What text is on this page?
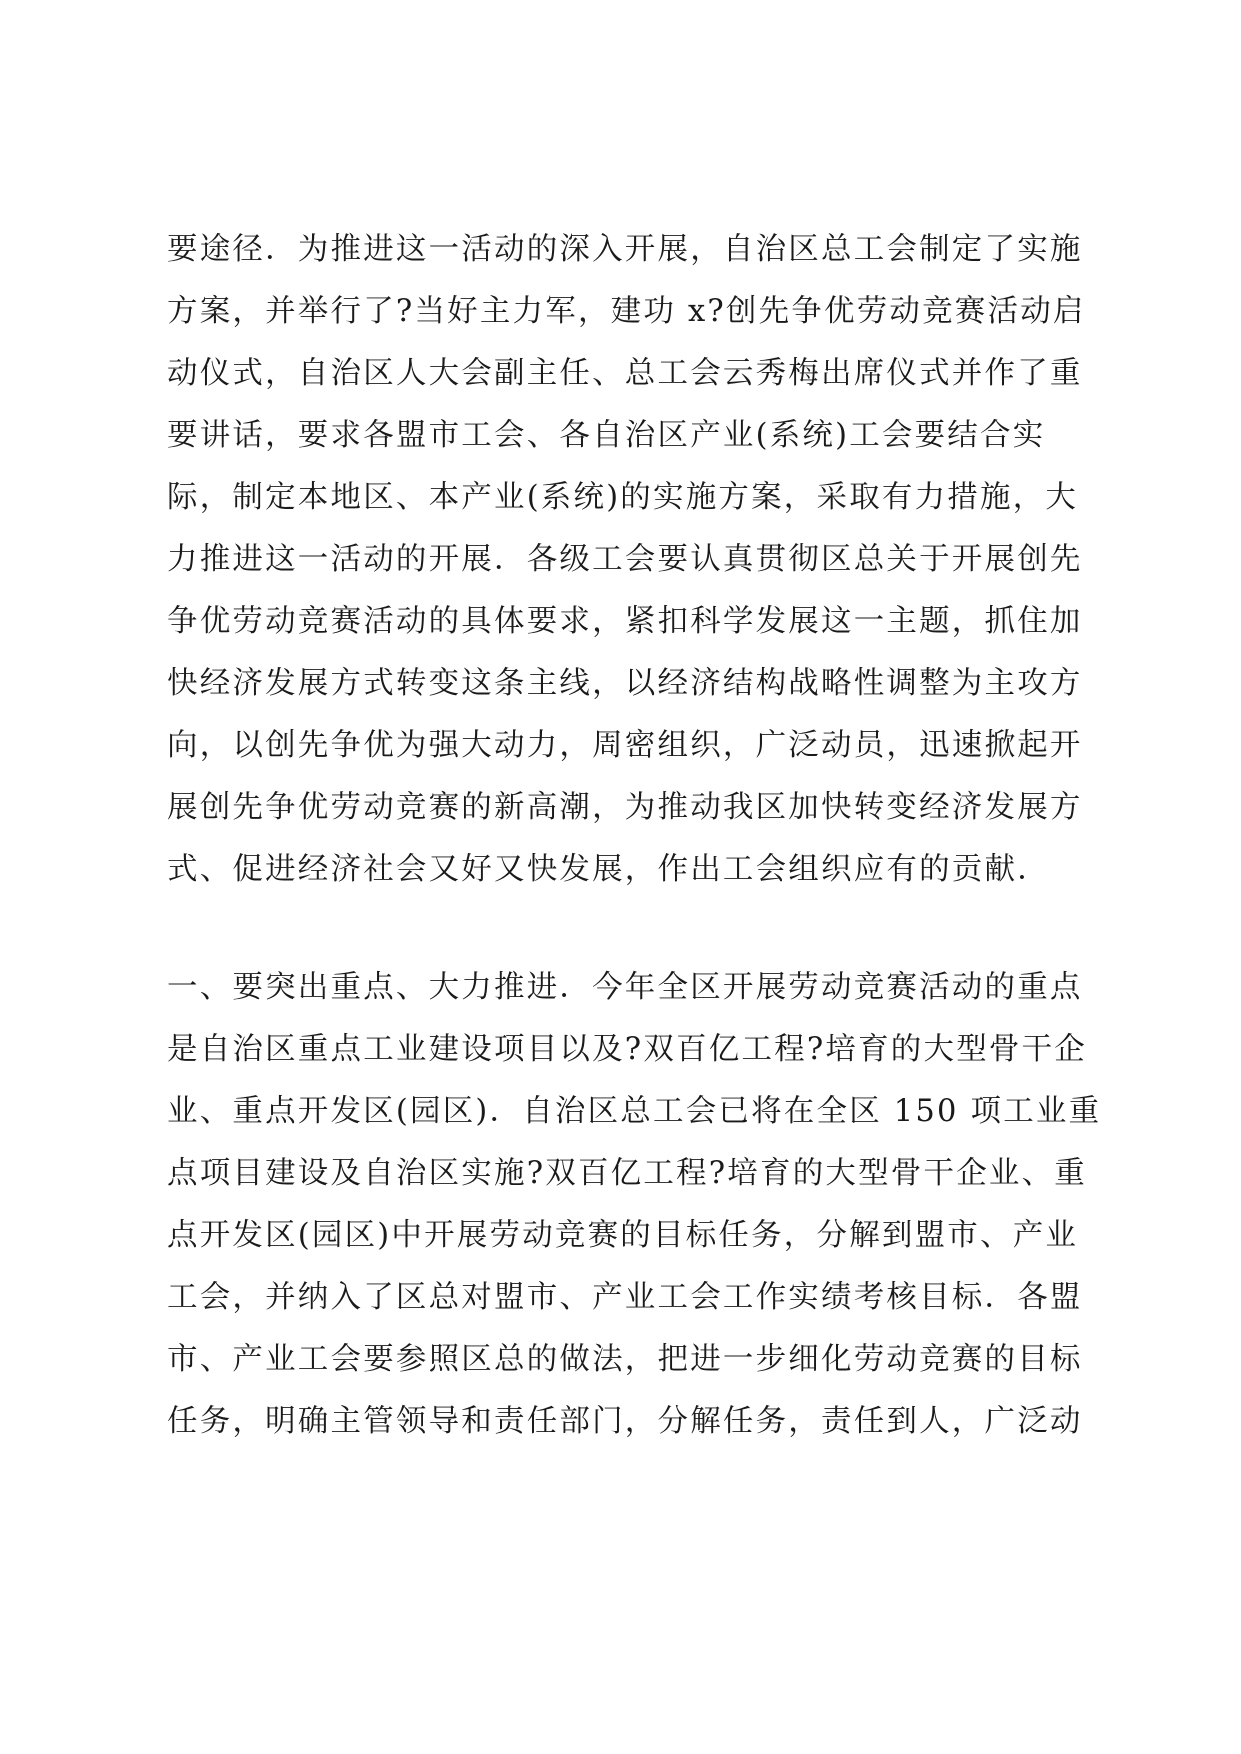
要途径．为推进这一活动的深入开展，自治区总工会制定了实施
方案，并举行了?当好主力军，建功 x?创先争优劳动竞赛活动启
动仪式，自治区人大会副主任、总工会云秀梅出席仪式并作了重
要讲话，要求各盟市工会、各自治区产业(系统)工会要结合实
际，制定本地区、本产业(系统)的实施方案，采取有力措施，大
力推进这一活动的开展．各级工会要认真贯彻区总关于开展创先
争优劳动竞赛活动的具体要求，紧扣科学发展这一主题，抓住加
快经济发展方式转变这条主线，以经济结构战略性调整为主攻方
向，以创先争优为强大动力，周密组织，广泛动员，迅速掀起开
展创先争优劳动竞赛的新高潮，为推动我区加快转变经济发展方
式、促进经济社会又好又快发展，作出工会组织应有的贡献．
一、要突出重点、大力推进．今年全区开展劳动竞赛活动的重点
是自治区重点工业建设项目以及?双百亿工程?培育的大型骨干企
业、重点开发区(园区)．自治区总工会已将在全区 150 项工业重
点项目建设及自治区实施?双百亿工程?培育的大型骨干企业、重
点开发区(园区)中开展劳动竞赛的目标任务，分解到盟市、产业
工会，并纳入了区总对盟市、产业工会工作实绩考核目标．各盟
市、产业工会要参照区总的做法，把进一步细化劳动竞赛的目标
任务，明确主管领导和责任部门，分解任务，责任到人，广泛动
